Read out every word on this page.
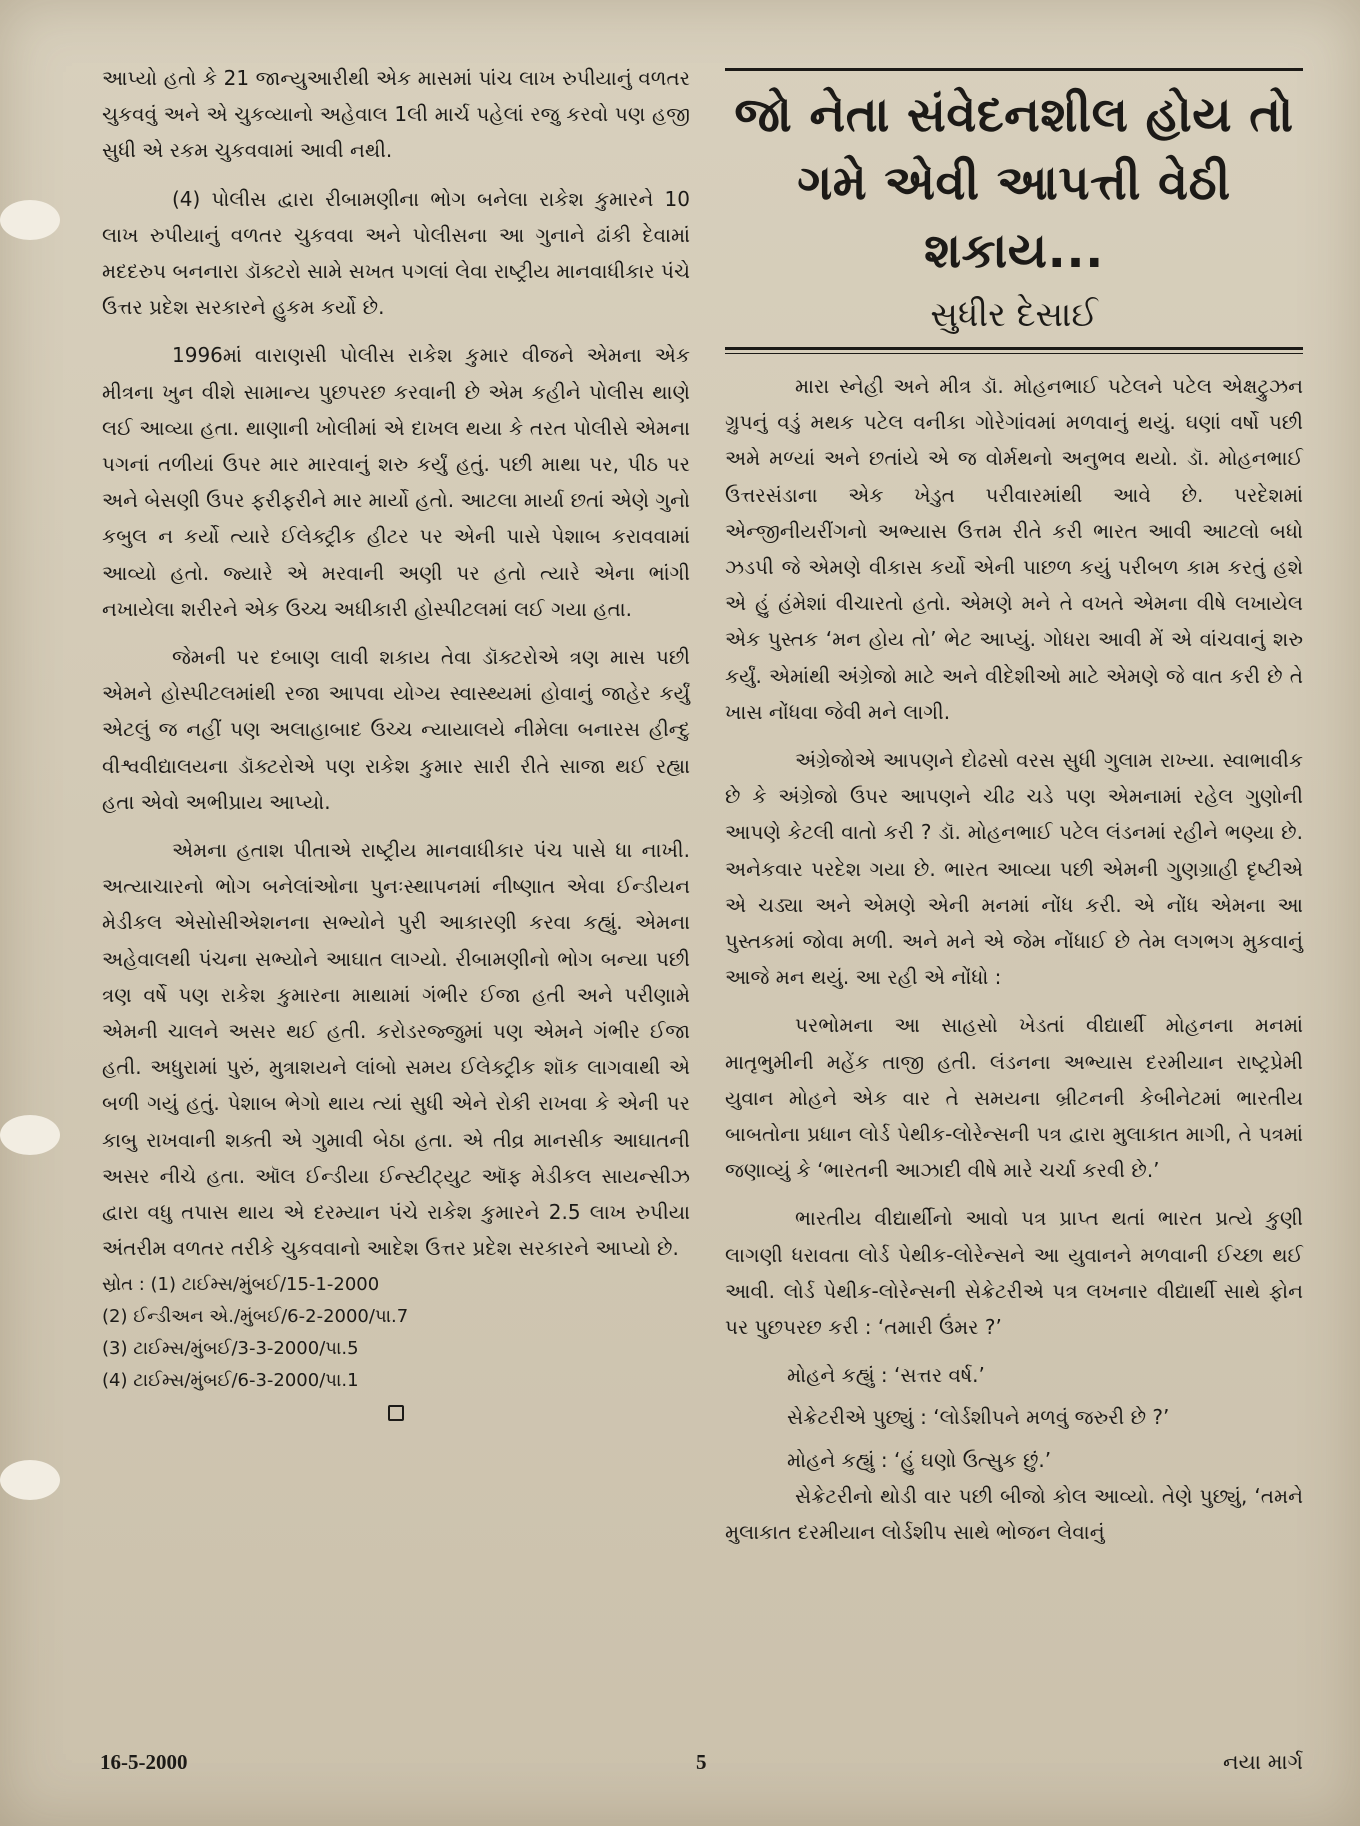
આપ્યો હતો કે 21 જાન્યુઆરીથી એક માસમાં પાંચ લાખ રુપીયાનું વળતર ચુકવવું અને એ ચુકવ્યાનો અહેવાલ 1લી માર્ચ પહેલાં રજુ કરવો પણ હજી સુધી એ રકમ ચુકવવામાં આવી નથી.

(4) પોલીસ દ્વારા રીબામણીના ભોગ બનેલા રાકેશ કુમારને 10 લાખ રુપીયાનું વળતર ચુકવવા અને પોલીસના આ ગુનાને ઢાંકી દેવામાં મદદરુપ બનનારા ડૉક્ટરો સામે સખત પગલાં લેવા રાષ્ટ્રીય માનવાધીકાર પંચે ઉત્તર પ્રદેશ સરકારને હુકમ કર્યો છે.

1996માં વારાણસી પોલીસ રાકેશ કુમાર વીજને એમના એક મીત્રના ખુન વીશે સામાન્ય પુછપરછ કરવાની છે એમ કહીને પોલીસ થાણે લઈ આવ્યા હતા. થાણાની ખોલીમાં એ દાખલ થયા કે તરત પોલીસે એમના પગનાં તળીયાં ઉપર માર મારવાનું શરુ કર્યું હતું. પછી માથા પર, પીઠ પર અને બેસણી ઉપર ફરીફરીને માર માર્યો હતો. આટલા માર્યા છતાં એણે ગુનો કબુલ ન કર્યો ત્યારે ઈલેક્ટ્રીક હીટર પર એની પાસે પેશાબ કરાવવામાં આવ્યો હતો. જ્યારે એ મરવાની અણી પર હતો ત્યારે એના ભાંગી નખાયેલા શરીરને એક ઉચ્ચ અધીકારી હોસ્પીટલમાં લઈ ગયા હતા.

જેમની પર દબાણ લાવી શકાય તેવા ડૉક્ટરોએ ત્રણ માસ પછી એમને હોસ્પીટલમાંથી રજા આપવા યોગ્ય સ્વાસ્થ્યમાં હોવાનું જાહેર કર્યું એટલું જ નહીં પણ અલાહાબાદ ઉચ્ચ ન્યાયાલયે નીમેલા બનારસ હીન્દુ વીશ્વવીદ્યાલયના ડૉક્ટરોએ પણ રાકેશ કુમાર સારી રીતે સાજા થઈ રહ્યા હતા એવો અભીપ્રાય આપ્યો.

એમના હતાશ પીતાએ રાષ્ટ્રીય માનવાધીકાર પંચ પાસે ધા નાખી. અત્યાચારનો ભોગ બનેલાંઓના પુનઃસ્થાપનમાં નીષ્ણાત એવા ઈન્ડીયન મેડીકલ એસોસીએશનના સભ્યોને પુરી આકારણી કરવા કહ્યું. એમના અહેવાલથી પંચના સભ્યોને આઘાત લાગ્યો. રીબામણીનો ભોગ બન્યા પછી ત્રણ વર્ષે પણ રાકેશ કુમારના માથામાં ગંભીર ઈજા હતી અને પરીણામે એમની ચાલને અસર થઈ હતી. કરોડરજ્જુમાં પણ એમને ગંભીર ઈજા હતી. અધુરામાં પુરું, મુત્રાશયને લાંબો સમય ઈલેક્ટ્રીક શૉક લાગવાથી એ બળી ગયું હતું. પેશાબ ભેગો થાય ત્યાં સુધી એને રોકી રાખવા કે એની પર કાબુ રાખવાની શક્તી એ ગુમાવી બેઠા હતા. એ તીવ્ર માનસીક આઘાતની અસર નીચે હતા. ઑલ ઈન્ડીયા ઈન્સ્ટીટ્યુટ ઑફ મેડીકલ સાયન્સીઝ દ્વારા વધુ તપાસ થાય એ દરમ્યાન પંચે રાકેશ કુમારને 2.5 લાખ રુપીયા અંતરીમ વળતર તરીકે ચુકવવાનો આદેશ ઉત્તર પ્રદેશ સરકારને આપ્યો છે.

સ્રોત : (1) ટાઈમ્સ/મુંબઈ/15-1-2000
(2) ઈન્ડીઅન એ./મુંબઈ/6-2-2000/પા.7
(3) ટાઈમ્સ/મુંબઈ/3-3-2000/પા.5
(4) ટાઈમ્સ/મુંબઈ/6-3-2000/પા.1
જો નેતા સંવેદનશીલ હોય તો
ગમે એવી આપત્તી વેઠી શકાય...
સુધીર દેસાઈ

મારા સ્નેહી અને મીત્ર ડૉ. મોહનભાઈ પટેલને પટેલ એક્ષટ્રુઝન ગ્રુપનું વડું મથક પટેલ વનીકા ગોરેગાંવમાં મળવાનું થયું. ઘણાં વર્ષો પછી અમે મળ્યાં અને છતાંયે એ જ વોર્મથનો અનુભવ થયો. ડૉ. મોહનભાઈ ઉત્તરસંડાના એક ખેડુત પરીવારમાંથી આવે છે. પરદેશમાં એન્જીનીયરીંગનો અભ્યાસ ઉત્તમ રીતે કરી ભારત આવી આટલો બધો ઝડપી જે એમણે વીકાસ કર્યો એની પાછળ કયું પરીબળ કામ કરતું હશે એ હું હંમેશાં વીચારતો હતો. એમણે મને તે વખતે એમના વીષે લખાયેલ એક પુસ્તક ‘મન હોય તો’ ભેટ આપ્યું. ગોધરા આવી મેં એ વાંચવાનું શરુ કર્યું. એમાંથી અંગ્રેજો માટે અને વીદેશીઓ માટે એમણે જે વાત કરી છે તે ખાસ નોંધવા જેવી મને લાગી.

અંગ્રેજોએ આપણને દોઢસો વરસ સુધી ગુલામ રાખ્યા. સ્વાભાવીક છે કે અંગ્રેજો ઉપર આપણને ચીઢ ચડે પણ એમનામાં રહેલ ગુણોની આપણે કેટલી વાતો કરી ? ડૉ. મોહનભાઈ પટેલ લંડનમાં રહીને ભણ્યા છે. અનેકવાર પરદેશ ગયા છે. ભારત આવ્યા પછી એમની ગુણગ્રાહી દૃષ્ટીએ એ ચડ્યા અને એમણે એની મનમાં નોંધ કરી. એ નોંધ એમના આ પુસ્તકમાં જોવા મળી. અને મને એ જેમ નોંધાઈ છે તેમ લગભગ મુકવાનું આજે મન થયું. આ રહી એ નોંધો :

પરભોમના આ સાહસો ખેડતાં વીદ્યાર્થી મોહનના મનમાં માતૃભુમીની મહેંક તાજી હતી. લંડનના અભ્યાસ દરમીયાન રાષ્ટ્રપ્રેમી યુવાન મોહને એક વાર તે સમયના બ્રીટનની કેબીનેટમાં ભારતીય બાબતોના પ્રધાન લોર્ડ પેથીક-લોરેન્સની પત્ર દ્વારા મુલાકાત માગી, તે પત્રમાં જણાવ્યું કે ‘ભારતની આઝાદી વીષે મારે ચર્ચા કરવી છે.’

ભારતીય વીદ્યાર્થીનો આવો પત્ર પ્રાપ્ત થતાં ભારત પ્રત્યે કુણી લાગણી ધરાવતા લોર્ડ પેથીક-લોરેન્સને આ યુવાનને મળવાની ઈચ્છા થઈ આવી. લોર્ડ પેથીક-લોરેન્સની સેક્રેટરીએ પત્ર લખનાર વીદ્યાર્થી સાથે ફોન પર પુછપરછ કરી : ‘તમારી ઉંમર ?’

મોહને કહ્યું : ‘સત્તર વર્ષ.’

સેક્રેટરીએ પુછ્યું : ‘લોર્ડશીપને મળવું જરુરી છે ?’

મોહને કહ્યું : ‘હું ઘણો ઉત્સુક છું.’

સેક્રેટરીનો થોડી વાર પછી બીજો કોલ આવ્યો. તેણે પુછ્યું, ‘તમને મુલાકાત દરમીયાન લોર્ડશીપ સાથે ભોજન લેવાનું

16-5-2000	5	નયા માર્ગ
